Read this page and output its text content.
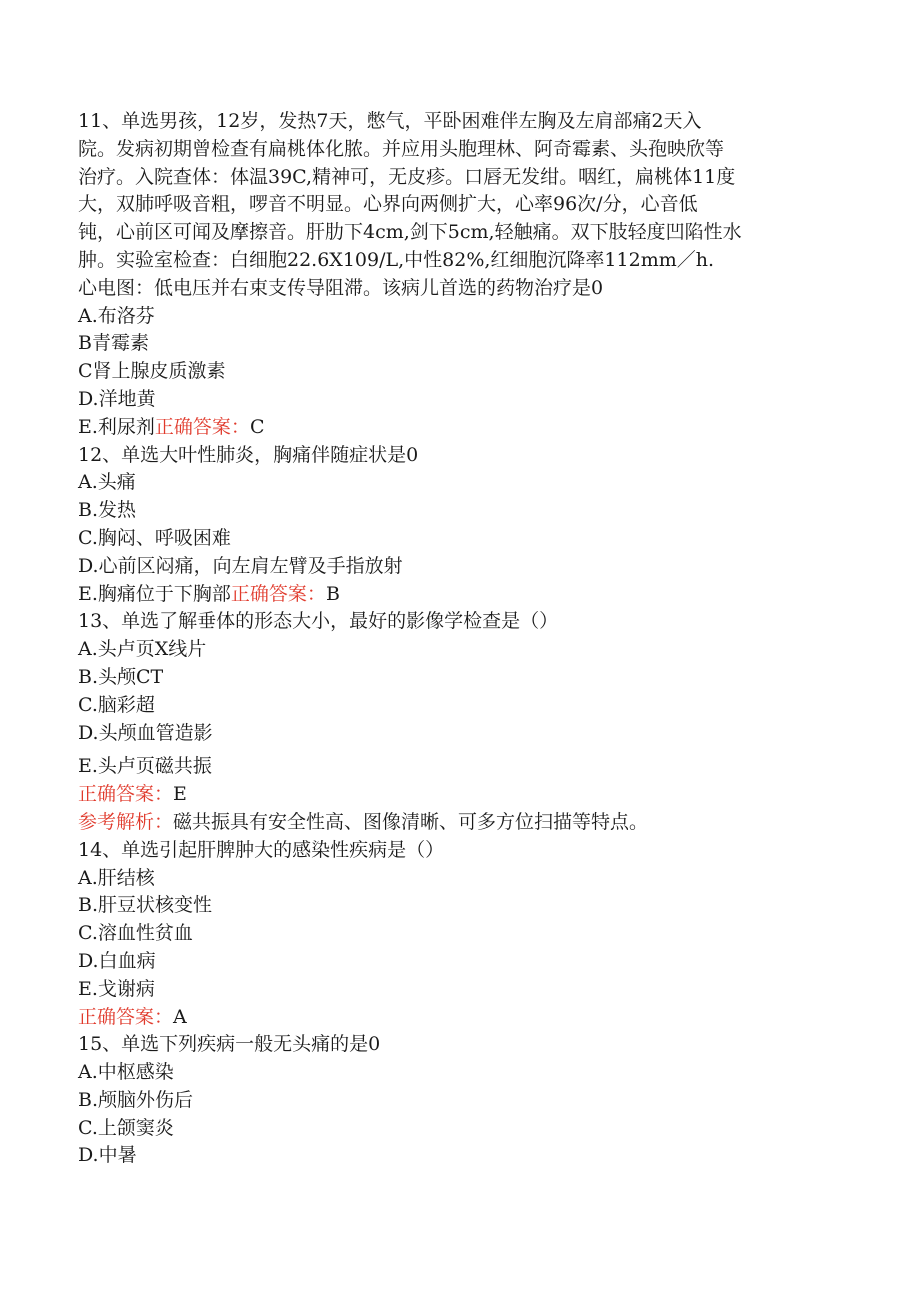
11、单选男孩，12岁，发热7天，憋气，平卧困难伴左胸及左肩部痛2天入
院。发病初期曾检查有扁桃体化脓。并应用头胞理林、阿奇霉素、头孢映欣等
治疗。入院查体：体温39C,精神可，无皮疹。口唇无发绀。咽红，扁桃体11度
大，双肺呼吸音粗，啰音不明显。心界向两侧扩大，心率96次/分，心音低
钝，心前区可闻及摩擦音。肝肋下4cm,剑下5cm,轻触痛。双下肢轻度凹陷性水
肿。实验室检查：白细胞22.6X109/L,中性82%,红细胞沉降率112mm／h.
心电图：低电压并右束支传导阻滞。该病儿首选的药物治疗是0
A.布洛芬
B青霉素
C肾上腺皮质激素
D.洋地黄
E.利尿剂正确答案：C
12、单选大叶性肺炎，胸痛伴随症状是0
A.头痛
B.发热
C.胸闷、呼吸困难
D.心前区闷痛，向左肩左臂及手指放射
E.胸痛位于下胸部正确答案：B
13、单选了解垂体的形态大小，最好的影像学检查是（）
A.头卢页X线片
B.头颅CT
C.脑彩超
D.头颅血管造影
E.头卢页磁共振
正确答案：E
参考解析：磁共振具有安全性高、图像清晰、可多方位扫描等特点。
14、单选引起肝脾肿大的感染性疾病是（）
A.肝结核
B.肝豆状核变性
C.溶血性贫血
D.白血病
E.戈谢病
正确答案：A
15、单选下列疾病一般无头痛的是0
A.中枢感染
B.颅脑外伤后
C.上颌窦炎
D.中暑
